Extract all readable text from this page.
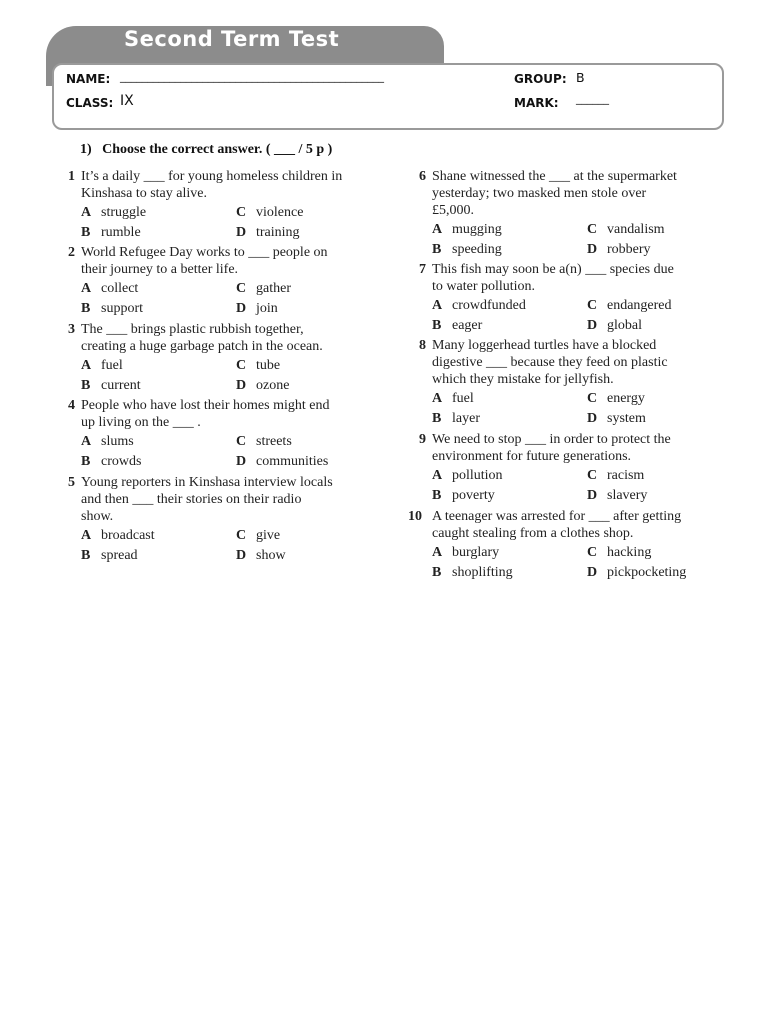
Second Term Test
NAME: ________________________________________________
CLASS: IX
GROUP: B
MARK: ______
1)   Choose the correct answer. ( ___ / 5 p )
1 It’s a daily ___ for young homeless children in
Kinshasa to stay alive.
A struggle	C violence
B rumble	D training
2 World Refugee Day works to ___ people on
their journey to a better life.
A collect	C gather
B support	D join
3 The ___ brings plastic rubbish together,
creating a huge garbage patch in the ocean.
A fuel	C tube
B current	D ozone
4 People who have lost their homes might end
up living on the ___ .
A slums	C streets
B crowds	D communities
5 Young reporters in Kinshasa interview locals
and then ___ their stories on their radio
show.
A broadcast	C give
B spread	D show
6 Shane witnessed the ___ at the supermarket
yesterday; two masked men stole over
£5,000.
A mugging	C vandalism
B speeding	D robbery
7 This fish may soon be a(n) ___ species due
to water pollution.
A crowdfunded	C endangered
B eager	D global
8 Many loggerhead turtles have a blocked
digestive ___ because they feed on plastic
which they mistake for jellyfish.
A fuel	C energy
B layer	D system
9 We need to stop ___ in order to protect the
environment for future generations.
A pollution	C racism
B poverty	D slavery
10 A teenager was arrested for ___ after getting
caught stealing from a clothes shop.
A burglary	C hacking
B shoplifting	D pickpocketing
